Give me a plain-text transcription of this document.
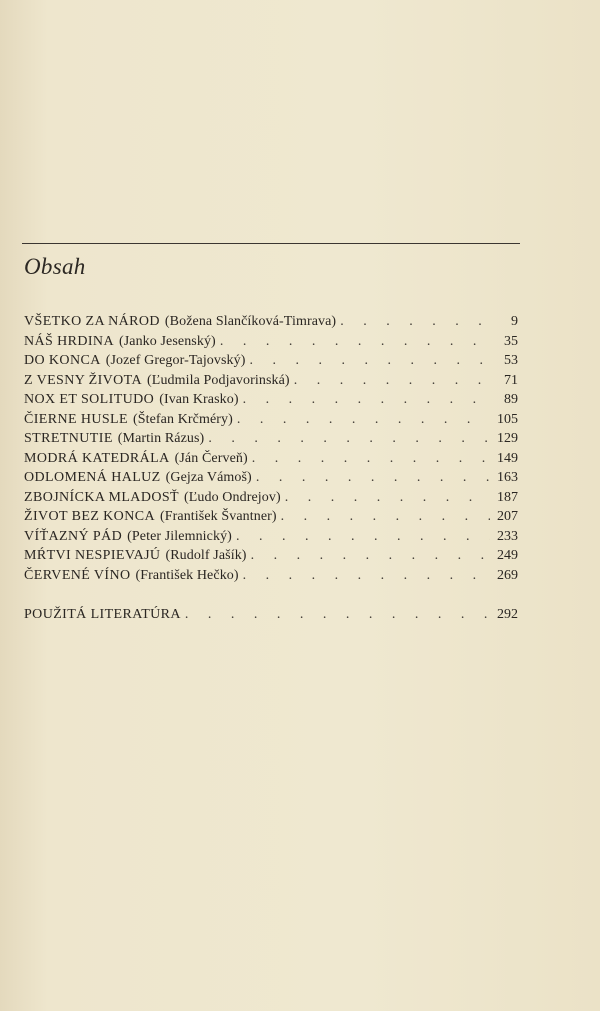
Obsah
VŠETKO ZA NÁROD (Božena Slančíková-Timrava) . . .	9
NÁŠ HRDINA (Janko Jesenský) . . .	35
DO KONCA (Jozef Gregor-Tajovský) . . .	53
Z VESNY ŽIVOTA (Ľudmila Podjavorinská) . . .	71
NOX ET SOLITUDO (Ivan Krasko) . . .	89
ČIERNE HUSLE (Štefan Krčméry) . . .	105
STRETNUTIE (Martin Rázus) . . .	129
MODRÁ KATEDRÁLA (Ján Červeň) . . .	149
ODLOMENÁ HALUZ (Gejza Vámoš) . . .	163
ZBOJNÍCKA MLADOSŤ (Ľudo Ondrejov) . . .	187
ŽIVOT BEZ KONCA (František Švantner) . . .	207
VÍŤAZNÝ PÁD (Peter Jilemnický) . . .	233
MŔTVI NESPIEVAJÚ (Rudolf Jašík) . . .	249
ČERVENÉ VÍNO (František Hečko) . . .	269
POUŽITÁ LITERATÚRA . . .	292
